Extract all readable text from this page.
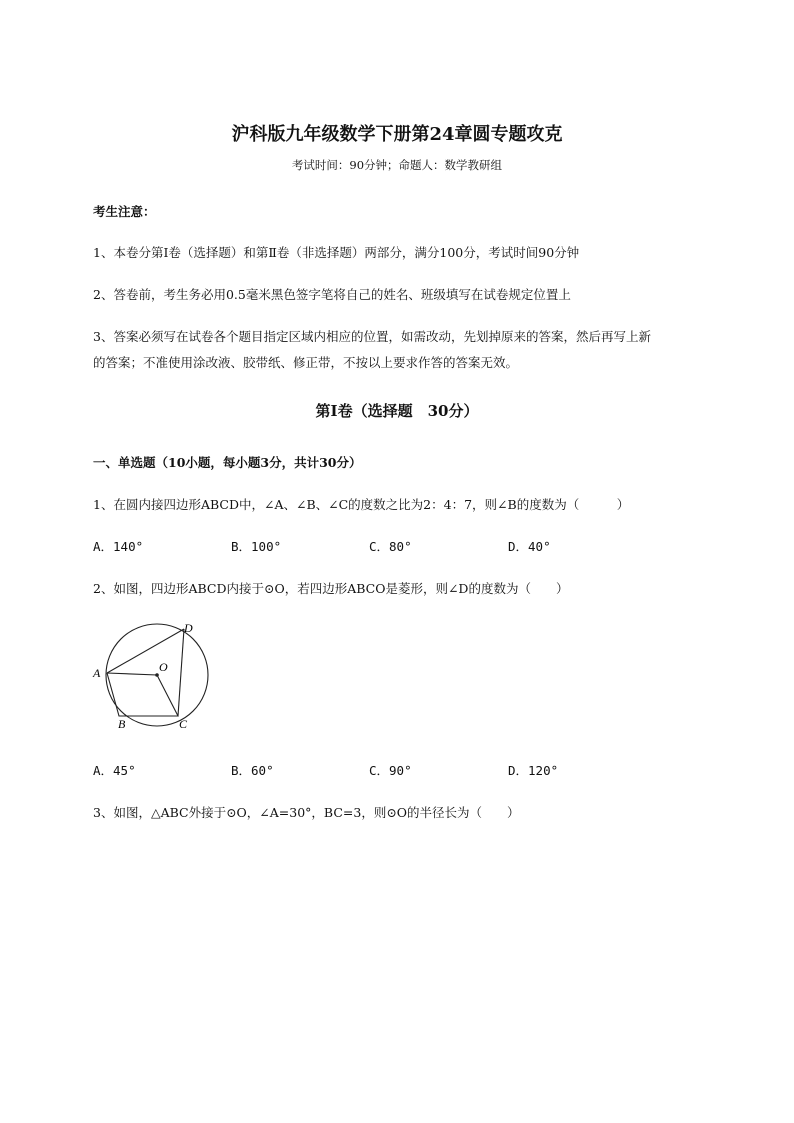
沪科版九年级数学下册第24章圆专题攻克
考试时间：90分钟；命题人：数学教研组
考生注意：
1、本卷分第I卷（选择题）和第Ⅱ卷（非选择题）两部分，满分100分，考试时间90分钟
2、答卷前，考生务必用0.5毫米黑色签字笔将自己的姓名、班级填写在试卷规定位置上
3、答案必须写在试卷各个题目指定区域内相应的位置，如需改动，先划掉原来的答案，然后再写上新
的答案；不准使用涂改液、胶带纸、修正带，不按以上要求作答的答案无效。
第I卷（选择题　30分）
一、单选题（10小题，每小题3分，共计30分）
1、在圆内接四边形ABCD中，∠A、∠B、∠C的度数之比为2：4：7，则∠B的度数为（　　　）
A．140°	B．100°	C．80°	D．40°
2、如图，四边形ABCD内接于⊙O，若四边形ABCO是菱形，则∠D的度数为（　　）
A
B	C
D
O
A．45°	B．60°	C．90°	D．120°
3、如图，△ABC外接于⊙O，∠A=30°，BC=3，则⊙O的半径长为（　　）
